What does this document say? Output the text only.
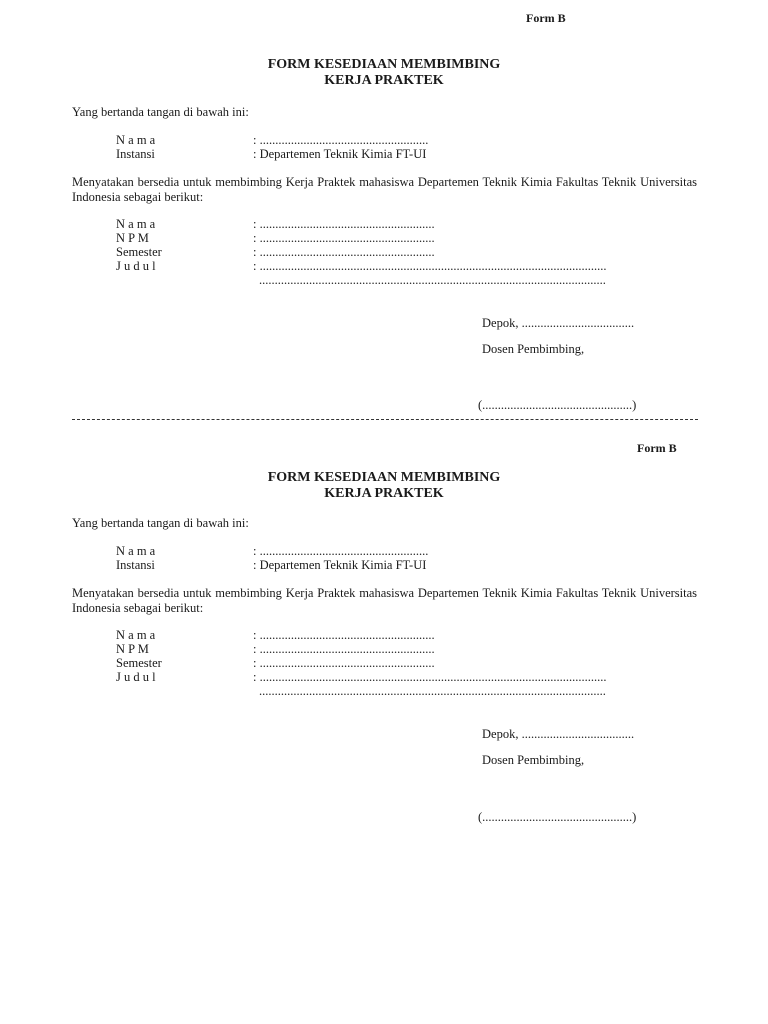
Form B
FORM KESEDIAAN MEMBIMBING
KERJA PRAKTEK
Yang bertanda tangan di bawah ini:
N a m a	: ......................................................
Instansi	: Departemen Teknik Kimia FT-UI
Menyatakan bersedia untuk membimbing Kerja Praktek mahasiswa Departemen Teknik Kimia Fakultas Teknik Universitas Indonesia sebagai berikut:
N a m a	: ........................................................
N P M	: ........................................................
Semester	: ........................................................
J u d u l	: ...............................................................................................................
...............................................................................................................
Depok, ....................................
Dosen Pembimbing,
(................................................)
Form B
FORM KESEDIAAN MEMBIMBING
KERJA PRAKTEK
Yang bertanda tangan di bawah ini:
N a m a	: ......................................................
Instansi	: Departemen Teknik Kimia FT-UI
Menyatakan bersedia untuk membimbing Kerja Praktek mahasiswa Departemen Teknik Kimia Fakultas Teknik Universitas Indonesia sebagai berikut:
N a m a	: ........................................................
N P M	: ........................................................
Semester	: ........................................................
J u d u l	: ...............................................................................................................
...............................................................................................................
Depok, ....................................
Dosen Pembimbing,
(................................................)
